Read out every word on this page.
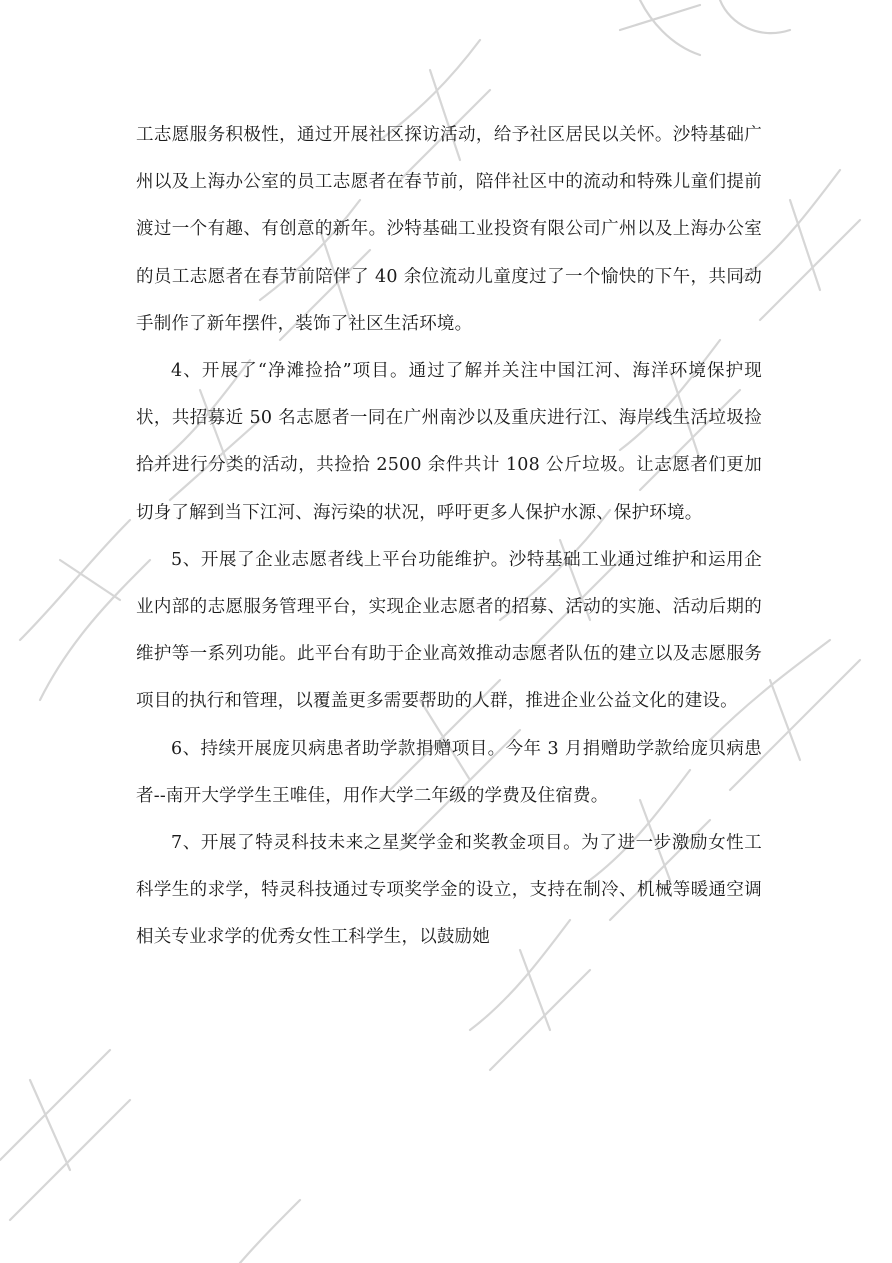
工志愿服务积极性，通过开展社区探访活动，给予社区居民以关怀。沙特基础广州以及上海办公室的员工志愿者在春节前，陪伴社区中的流动和特殊儿童们提前渡过一个有趣、有创意的新年。沙特基础工业投资有限公司广州以及上海办公室的员工志愿者在春节前陪伴了 40 余位流动儿童度过了一个愉快的下午，共同动手制作了新年摆件，装饰了社区生活环境。

4、开展了“净滩捡拾”项目。通过了解并关注中国江河、海洋环境保护现状，共招募近 50 名志愿者一同在广州南沙以及重庆进行江、海岸线生活垃圾捡拾并进行分类的活动，共捡拾 2500 余件共计 108 公斤垃圾。让志愿者们更加切身了解到当下江河、海污染的状况，呼吁更多人保护水源、保护环境。

5、开展了企业志愿者线上平台功能维护。沙特基础工业通过维护和运用企业内部的志愿服务管理平台，实现企业志愿者的招募、活动的实施、活动后期的维护等一系列功能。此平台有助于企业高效推动志愿者队伍的建立以及志愿服务项目的执行和管理，以覆盖更多需要帮助的人群，推进企业公益文化的建设。

6、持续开展庞贝病患者助学款捐赠项目。今年 3 月捐赠助学款给庞贝病患者--南开大学学生王唯佳，用作大学二年级的学费及住宿费。

7、开展了特灵科技未来之星奖学金和奖教金项目。为了进一步激励女性工科学生的求学，特灵科技通过专项奖学金的设立，支持在制冷、机械等暖通空调相关专业求学的优秀女性工科学生，以鼓励她
